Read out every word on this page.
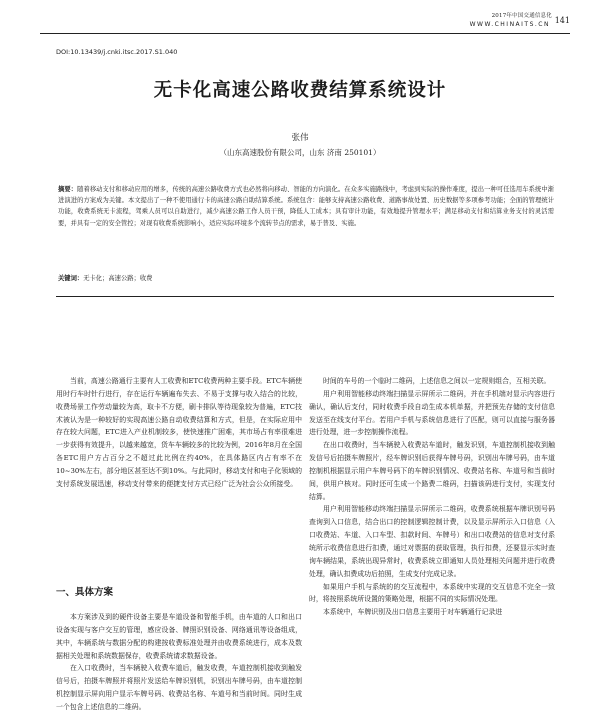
2017年中国交通信息化 141
WWW.CHINAITS.CN
DOI:10.13439/j.cnki.itsc.2017.S1.040
无卡化高速公路收费结算系统设计
张伟
（山东高速股份有限公司，山东 济南 250101）
摘要：随着移动支付和移动应用的增多，传统的高速公路收费方式也必然将向移动、智能的方向演化。在众多实施路线中，考虑到实际的操作难度，提出一种可任选用车系统中渐进演进的方案成为关键。本文提出了一种不使用通行卡的高速公路自助结算系统。系统包含：能够支持高速公路收费、道路事故处置、历史数据等多项参考功能；全面的管理统计功能，收费系统无卡流程，驾乘人员可以自助进行，减少高速公路工作人员干预，降低人工成本；具有审计功能，有效地提升管理水平；满足移动支付和结算业务支付的灵活需要，并具有一定的安全管控；对现有收费系统影响小，适应实际环境多个流转节点的需求，易于普及、实施。
关键词：无卡化；高速公路；收费

当前，高速公路通行主要有人工收费和ETC收费两种主要手段。ETC车辆使用时行车时针行进行，存在运行车辆遍布失去、不易于支撑与收入结合的比较，收费场景工作劳动量较为高，取卡不方便，刷卡排队等待现象较为普遍，ETC技术被认为是一种较好的实现高速公路自动收费结算和方式，但是，在实际应用中存在较大问题，ETC进入产业机制较多，使快速推广困难，其市场占有率很难进一步获得有效提升，以越来越宽，货车车辆较多的比较为例，2016年8月在全国各ETC用户方占百分之不超过此比例在约40%，在具体路区内占有率不在10~30%左右，部分地区甚至达不到10%。与此同时，移动支付和电子化领域的支付系统发展迅速，移动支付带来的便捷支付方式已经广泛为社会公众所接受。

一、具体方案

本方案涉及到的硬件设备主要是车道设备和智能手机，由车道的人口和出口设备实现与客户交互的管理，感应设备、牌照识别设备、网络通讯等设备组成，其中，车辆系统与数据分配的构建按收费标准处理并由收费系统进行，成本及数据相关处理和系统数据保存，收费系统请求数据设备。

在入口收费时，当车辆驶入收费车道后，触发收费，车道控制机接收到触发信号后，拍摄车牌照并将照片发送给车牌识别机，识别出车牌号码，由车道控制机控制显示屏向用户显示车牌号码、收费站名称、车道号和当前时间。同时生成一个包含上述信息的二维码。

时间的车号的一个临时二维码，上述信息之间以一定规则组合，互相关联。

用户利用智能移动终端扫描显示屏所示二维码，并在手机端对显示内容进行确认，确认后支付，同时收费手段自动生成本机单据，并把预先存储的支付信息发送至在线支付平台。若用户手机与系统信息进行了匹配，则可以直接与服务器进行处理，进一步控制操作流程。

在出口收费时，当车辆驶入收费站车道时，触发识别，车道控制机接收到触发信号后拍摄车牌照片，经车牌识别后获得车牌号码，识别出车牌号码，由车道控制机根据显示用户车牌号码下的车牌识别情况、收费站名称、车道号和当前时间，供用户核对。同时还可生成一个路费二维码，扫描该码进行支付，实现支付结算。

用户利用智能移动终端扫描显示屏所示二维码，收费系统根据车牌识别号码查询到入口信息，结合出口的控制逻辑控制计费，以及显示屏所示入口信息（入口收费站、车道、入口车型、扣款时间、车牌号）和出口收费站的信息对支付系统所示收费信息进行扣费，通过对票据的获取管理，执行扣费，还要显示实时查询车辆结果，系统出现异常时，收费系统立即通知人员处理相关问题并进行收费处理，确认扣费成功后拍照，生成支付完成记录。

如果用户手机与系统的的交互流程中，本系统中实现的交互信息不完全一致时，将按照系统所设置的策略处理，根据不同的实际情况处理。

本系统中，车牌识别及出口信息主要用于对车辆通行记录进
